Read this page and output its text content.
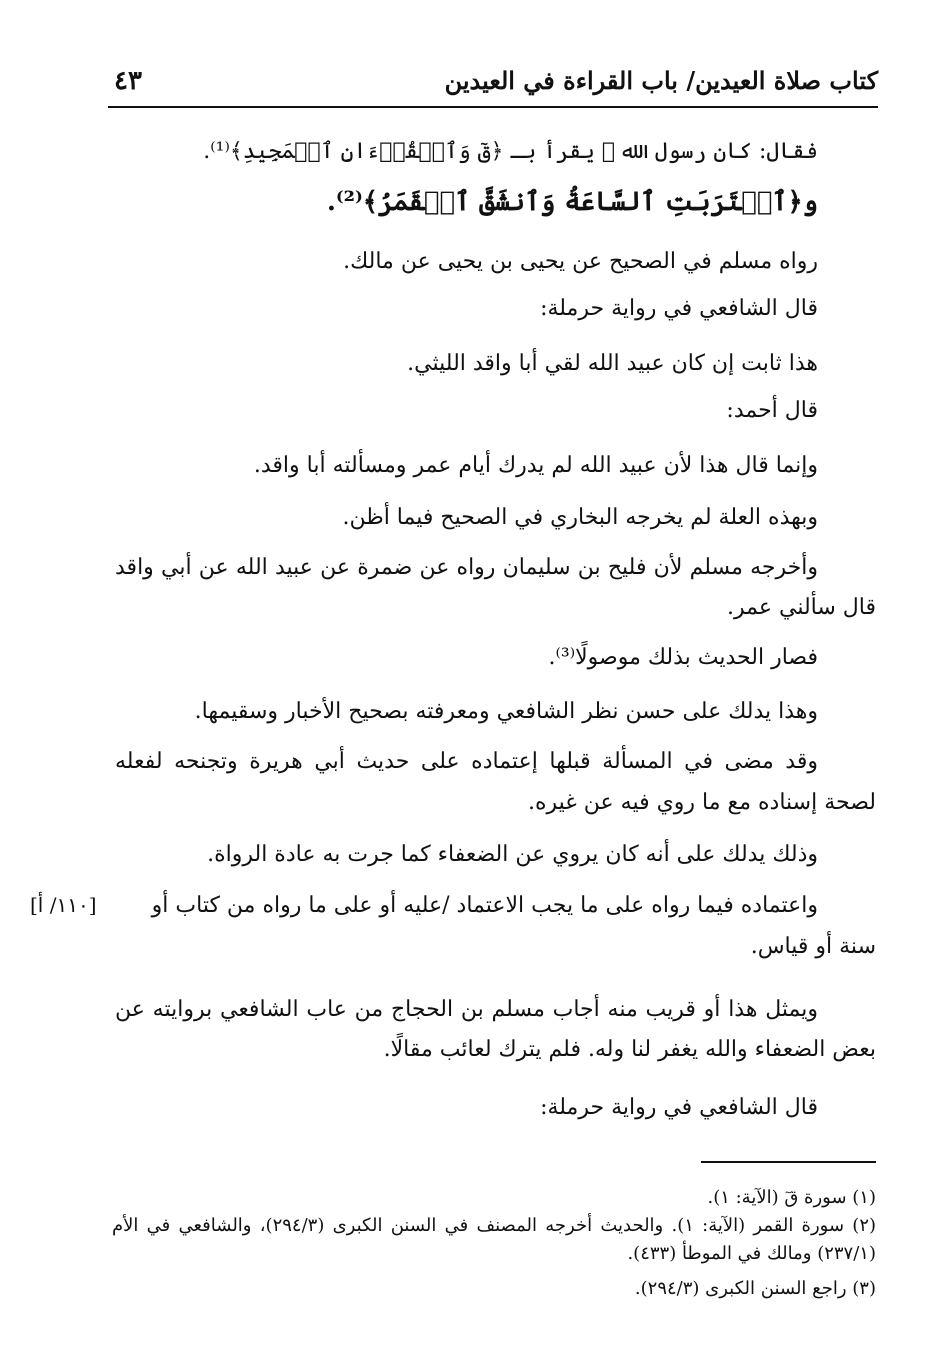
كتاب صلاة العيدين/ باب القراءة في العيدين
٤٣
فقال: كان رسول الله ﷺ يقرأ بـ ﴿قٓ وَٱلۡقُرۡءَانِ ٱلۡمَجِيدِ﴾⁽¹⁾.
و﴿ٱقۡتَرَبَتِ ٱلسَّاعَةُ وَٱنشَقَّ ٱلۡقَمَرُ﴾⁽²⁾.
رواه مسلم في الصحيح عن يحيى بن يحيى عن مالك.
قال الشافعي في رواية حرملة:
هذا ثابت إن كان عبيد الله لقي أبا واقد الليثي.
قال أحمد:
وإنما قال هذا لأن عبيد الله لم يدرك أيام عمر ومسألته أبا واقد.
وبهذه العلة لم يخرجه البخاري في الصحيح فيما أظن.
وأخرجه مسلم لأن فليح بن سليمان رواه عن ضمرة عن عبيد الله عن أبي واقد
قال سألني عمر.
فصار الحديث بذلك موصولًا⁽³⁾.
وهذا يدلك على حسن نظر الشافعي ومعرفته بصحيح الأخبار وسقيمها.
وقد مضى في المسألة قبلها إعتماده على حديث أبي هريرة وتجنحه لفعله
لصحة إسناده مع ما روي فيه عن غيره.
وذلك يدلك على أنه كان يروي عن الضعفاء كما جرت به عادة الرواة.
واعتماده فيما رواه على ما يجب الاعتماد /عليه أو على ما رواه من كتاب أو
سنة أو قياس.
ويمثل هذا أو قريب منه أجاب مسلم بن الحجاج من عاب الشافعي بروايته عن
بعض الضعفاء والله يغفر لنا وله. فلم يترك لعائب مقالًا.
قال الشافعي في رواية حرملة:
[١١٠/ أ]
(١) سورة قٓ (الآية: ١).
(٢) سورة القمر (الآية: ١). والحديث أخرجه المصنف في السنن الكبرى (٢٩٤/٣)، والشافعي في الأم
(٢٣٧/١) ومالك في الموطأ (٤٣٣).
(٣) راجع السنن الكبرى (٢٩٤/٣).
